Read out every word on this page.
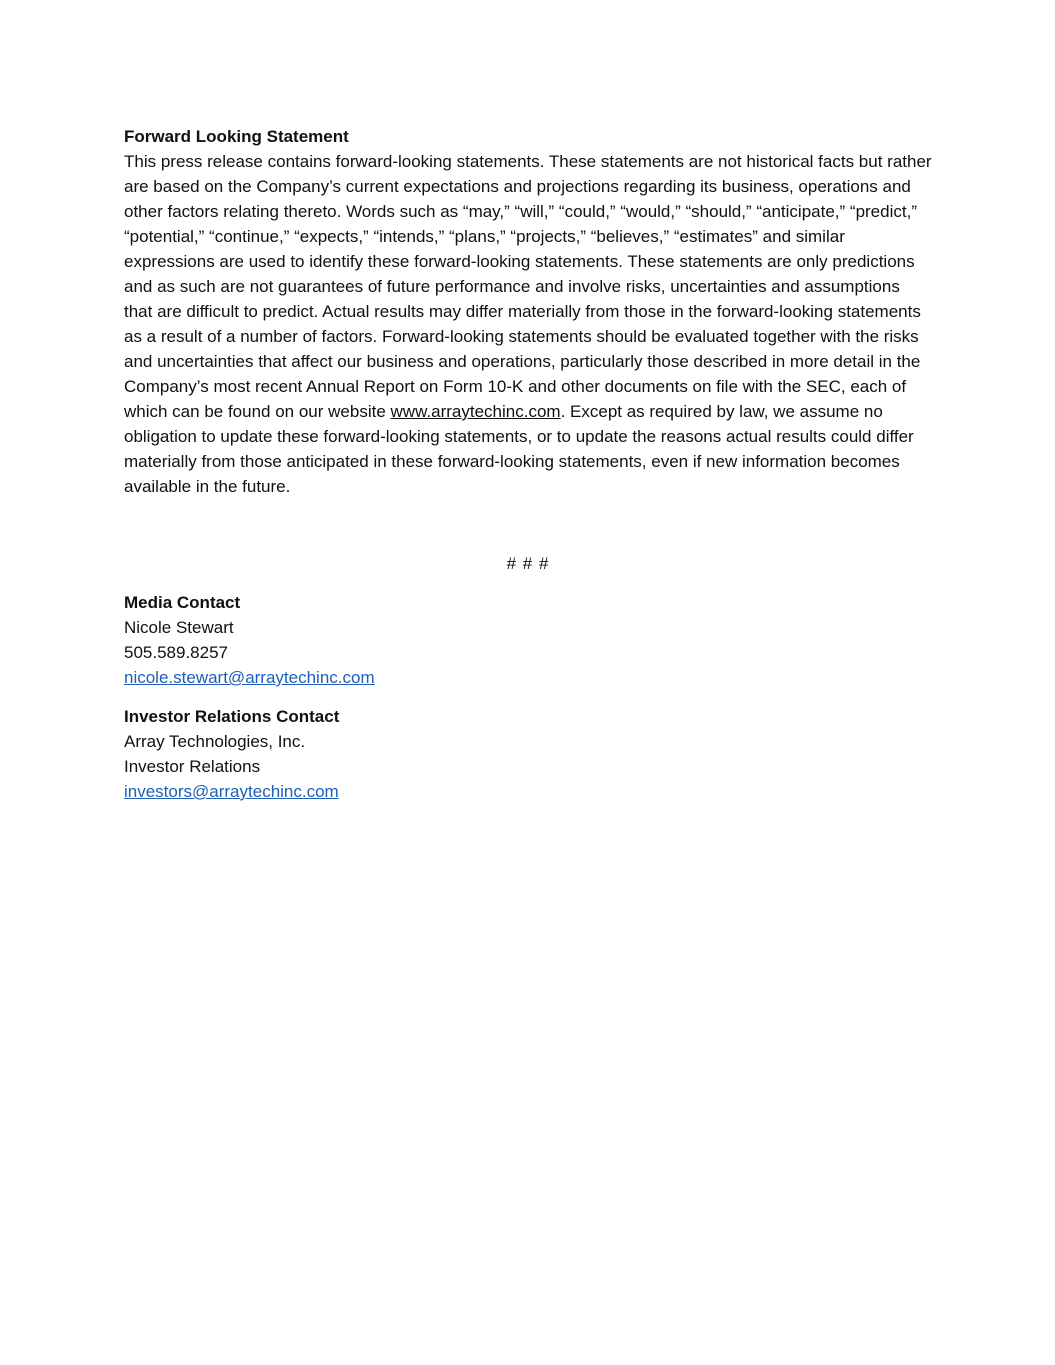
Forward Looking Statement

This press release contains forward-looking statements. These statements are not historical facts but rather are based on the Company’s current expectations and projections regarding its business, operations and other factors relating thereto. Words such as “may,” “will,” “could,” “would,” “should,” “anticipate,” “predict,” “potential,” “continue,” “expects,” “intends,” “plans,” “projects,” “believes,” “estimates” and similar expressions are used to identify these forward-looking statements. These statements are only predictions and as such are not guarantees of future performance and involve risks, uncertainties and assumptions that are difficult to predict. Actual results may differ materially from those in the forward-looking statements as a result of a number of factors. Forward-looking statements should be evaluated together with the risks and uncertainties that affect our business and operations, particularly those described in more detail in the Company’s most recent Annual Report on Form 10-K and other documents on file with the SEC, each of which can be found on our website www.arraytechinc.com. Except as required by law, we assume no obligation to update these forward-looking statements, or to update the reasons actual results could differ materially from those anticipated in these forward-looking statements, even if new information becomes available in the future.

# # #
Media Contact
Nicole Stewart
505.589.8257
nicole.stewart@arraytechinc.com
Investor Relations Contact
Array Technologies, Inc.
Investor Relations
investors@arraytechinc.com
